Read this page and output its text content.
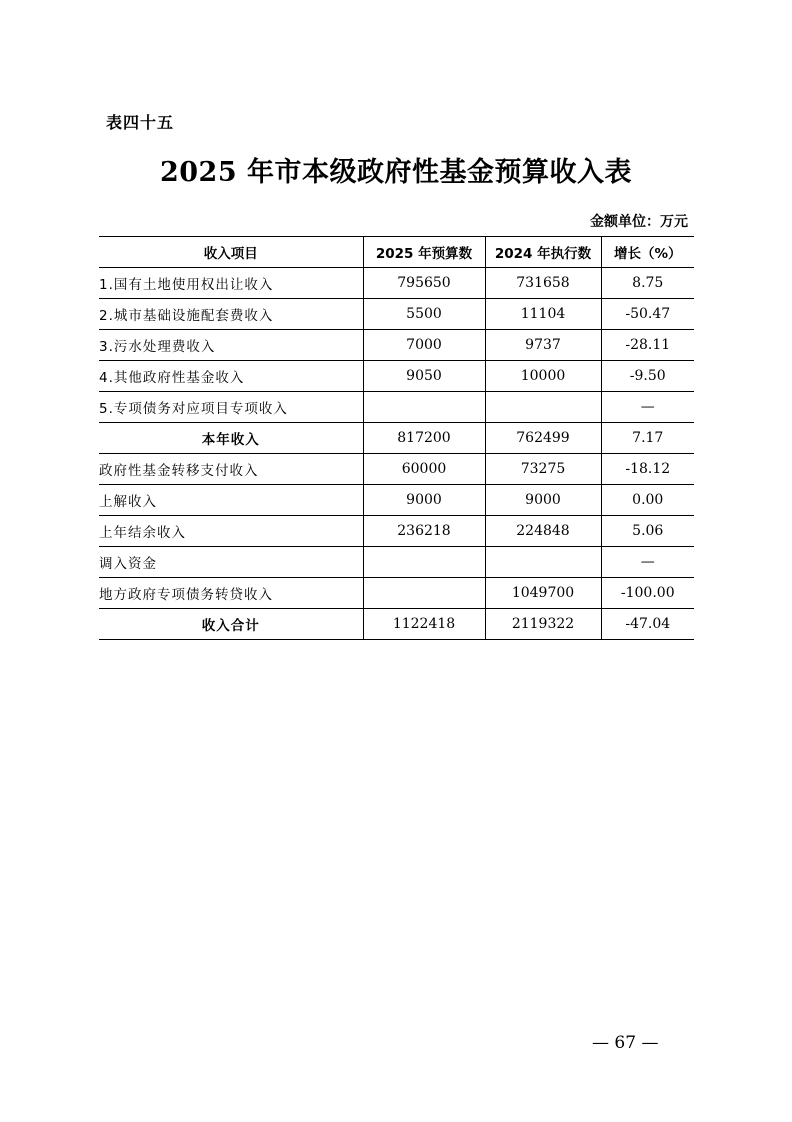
表四十五
2025 年市本级政府性基金预算收入表
金额单位：万元
收入项目	2025 年预算数	2024 年执行数	增长（%）
1.国有土地使用权出让收入	795650	731658	8.75
2.城市基础设施配套费收入	5500	11104	-50.47
3.污水处理费收入	7000	9737	-28.11
4.其他政府性基金收入	9050	10000	-9.50
5.专项债务对应项目专项收入			—
本年收入	817200	762499	7.17
政府性基金转移支付收入	60000	73275	-18.12
上解收入	9000	9000	0.00
上年结余收入	236218	224848	5.06
调入资金			—
地方政府专项债务转贷收入		1049700	-100.00
收入合计	1122418	2119322	-47.04
— 67 —
